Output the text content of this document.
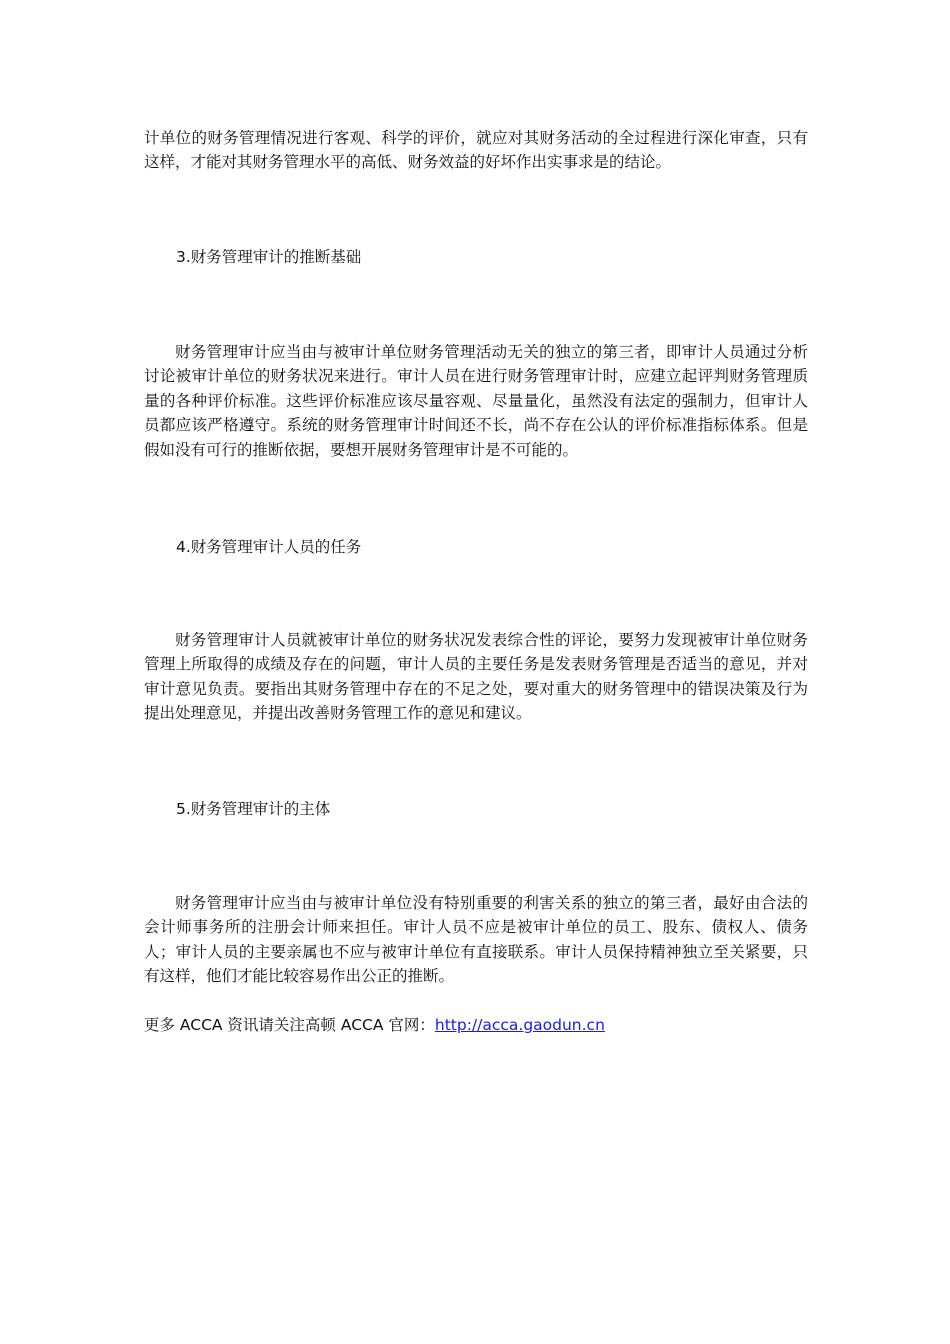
计单位的财务管理情况进行客观、科学的评价，就应对其财务活动的全过程进行深化审查，只有这样，才能对其财务管理水平的高低、财务效益的好坏作出实事求是的结论。

3.财务管理审计的推断基础

财务管理审计应当由与被审计单位财务管理活动无关的独立的第三者，即审计人员通过分析讨论被审计单位的财务状况来进行。审计人员在进行财务管理审计时，应建立起评判财务管理质量的各种评价标准。这些评价标准应该尽量容观、尽量量化，虽然没有法定的强制力，但审计人员都应该严格遵守。系统的财务管理审计时间还不长，尚不存在公认的评价标准指标体系。但是假如没有可行的推断依据，要想开展财务管理审计是不可能的。

4.财务管理审计人员的任务

财务管理审计人员就被审计单位的财务状况发表综合性的评论，要努力发现被审计单位财务管理上所取得的成绩及存在的问题，审计人员的主要任务是发表财务管理是否适当的意见，并对审计意见负责。要指出其财务管理中存在的不足之处，要对重大的财务管理中的错误决策及行为提出处理意见，并提出改善财务管理工作的意见和建议。

5.财务管理审计的主体

财务管理审计应当由与被审计单位没有特别重要的利害关系的独立的第三者，最好由合法的会计师事务所的注册会计师来担任。审计人员不应是被审计单位的员工、股东、债权人、债务人；审计人员的主要亲属也不应与被审计单位有直接联系。审计人员保持精神独立至关紧要，只有这样，他们才能比较容易作出公正的推断。

更多 ACCA 资讯请关注高顿 ACCA 官网：http://acca.gaodun.cn
